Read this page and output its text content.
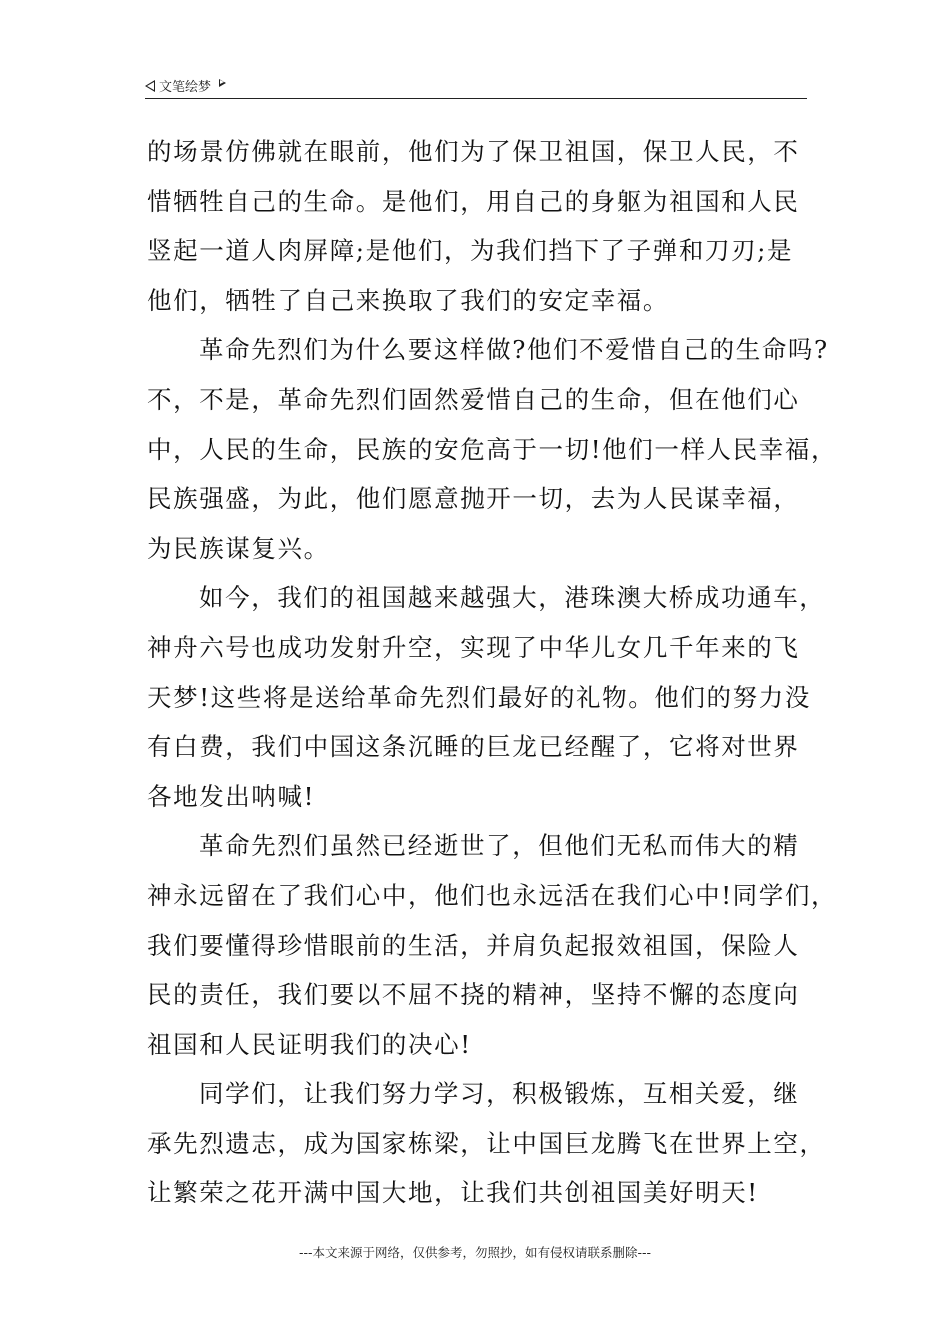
文笔绘梦
的场景仿佛就在眼前，他们为了保卫祖国，保卫人民，不
惜牺牲自己的生命。是他们，用自己的身躯为祖国和人民
竖起一道人肉屏障;是他们，为我们挡下了子弹和刀刃;是
他们，牺牲了自己来换取了我们的安定幸福。
革命先烈们为什么要这样做?他们不爱惜自己的生命吗?
不，不是，革命先烈们固然爱惜自己的生命，但在他们心
中，人民的生命，民族的安危高于一切!他们一样人民幸福，
民族强盛，为此，他们愿意抛开一切，去为人民谋幸福，
为民族谋复兴。
如今，我们的祖国越来越强大，港珠澳大桥成功通车，
神舟六号也成功发射升空，实现了中华儿女几千年来的飞
天梦!这些将是送给革命先烈们最好的礼物。他们的努力没
有白费，我们中国这条沉睡的巨龙已经醒了，它将对世界
各地发出呐喊!
革命先烈们虽然已经逝世了，但他们无私而伟大的精
神永远留在了我们心中，他们也永远活在我们心中!同学们，
我们要懂得珍惜眼前的生活，并肩负起报效祖国，保险人
民的责任，我们要以不屈不挠的精神，坚持不懈的态度向
祖国和人民证明我们的决心!
同学们，让我们努力学习，积极锻炼，互相关爱，继
承先烈遗志，成为国家栋梁，让中国巨龙腾飞在世界上空，
让繁荣之花开满中国大地，让我们共创祖国美好明天!
---本文来源于网络，仅供参考，勿照抄，如有侵权请联系删除---
